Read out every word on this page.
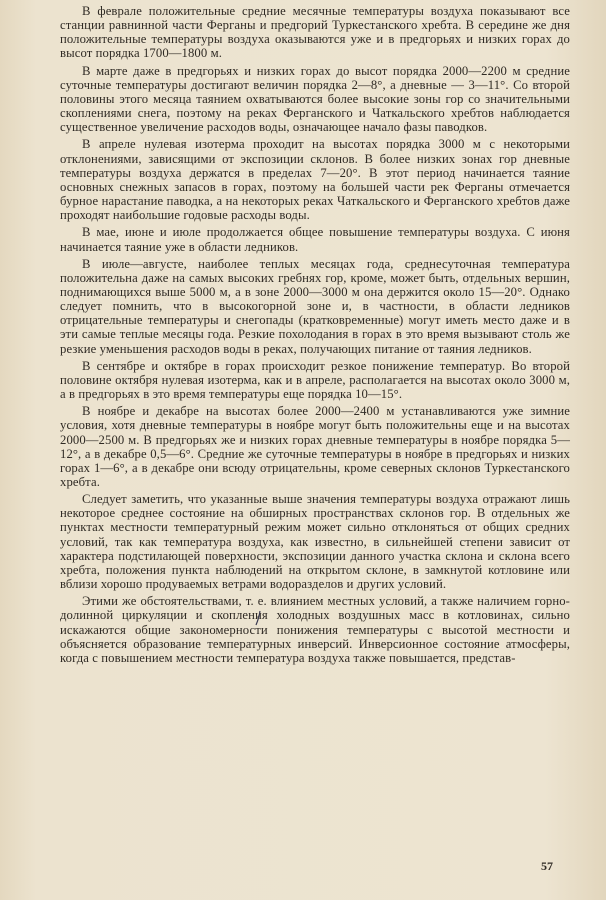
В феврале положительные средние месячные температуры воздуха показывают все станции равнинной части Ферганы и предгорий Туркестанского хребта. В середине же дня положительные температуры воздуха оказываются уже и в предгорьях и низких горах до высот порядка 1700—1800 м.

В марте даже в предгорьях и низких горах до высот порядка 2000—2200 м средние суточные температуры достигают величин порядка 2—8°, а дневные — 3—11°. Со второй половины этого месяца таянием охватываются более высокие зоны гор со значительными скоплениями снега, поэтому на реках Ферганского и Чаткальского хребтов наблюдается существенное увеличение расходов воды, означающее начало фазы паводков.

В апреле нулевая изотерма проходит на высотах порядка 3000 м с некоторыми отклонениями, зависящими от экспозиции склонов. В более низких зонах гор дневные температуры воздуха держатся в пределах 7—20°. В этот период начинается таяние основных снежных запасов в горах, поэтому на большей части рек Ферганы отмечается бурное нарастание паводка, а на некоторых реках Чаткальского и Ферганского хребтов даже проходят наибольшие годовые расходы воды.

В мае, июне и июле продолжается общее повышение температуры воздуха. С июня начинается таяние уже в области ледников.

В июле—августе, наиболее теплых месяцах года, среднесуточная температура положительна даже на самых высоких гребнях гор, кроме, может быть, отдельных вершин, поднимающихся выше 5000 м, а в зоне 2000—3000 м она держится около 15—20°. Однако следует помнить, что в высокогорной зоне и, в частности, в области ледников отрицательные температуры и снегопады (кратковременные) могут иметь место даже и в эти самые теплые месяцы года. Резкие похолодания в горах в это время вызывают столь же резкие уменьшения расходов воды в реках, получающих питание от таяния ледников.

В сентябре и октябре в горах происходит резкое понижение температур. Во второй половине октября нулевая изотерма, как и в апреле, располагается на высотах около 3000 м, а в предгорьях в это время температуры еще порядка 10—15°.

В ноябре и декабре на высотах более 2000—2400 м устанавливаются уже зимние условия, хотя дневные температуры в ноябре могут быть положительны еще и на высотах 2000—2500 м. В предгорьях же и низких горах дневные температуры в ноябре порядка 5—12°, а в декабре 0,5—6°. Средние же суточные температуры в ноябре в предгорьях и низких горах 1—6°, а в декабре они всюду отрицательны, кроме северных склонов Туркестанского хребта.

Следует заметить, что указанные выше значения температуры воздуха отражают лишь некоторое среднее состояние на обширных пространствах склонов гор. В отдельных же пунктах местности температурный режим может сильно отклоняться от общих средних условий, так как температура воздуха, как известно, в сильнейшей степени зависит от характера подстилающей поверхности, экспозиции данного участка склона и склона всего хребта, положения пункта наблюдений на открытом склоне, в замкнутой котловине или вблизи хорошо продуваемых ветрами водоразделов и других условий.

Этими же обстоятельствами, т. е. влиянием местных условий, а также наличием горно-долинной циркуляции и скопления холодных воздушных масс в котловинах, сильно искажаются общие закономерности понижения температуры с высотой местности и объясняется образование температурных инверсий. Инверсионное состояние атмосферы, когда с повышением местности температура воздуха также повышается, представ-

57
